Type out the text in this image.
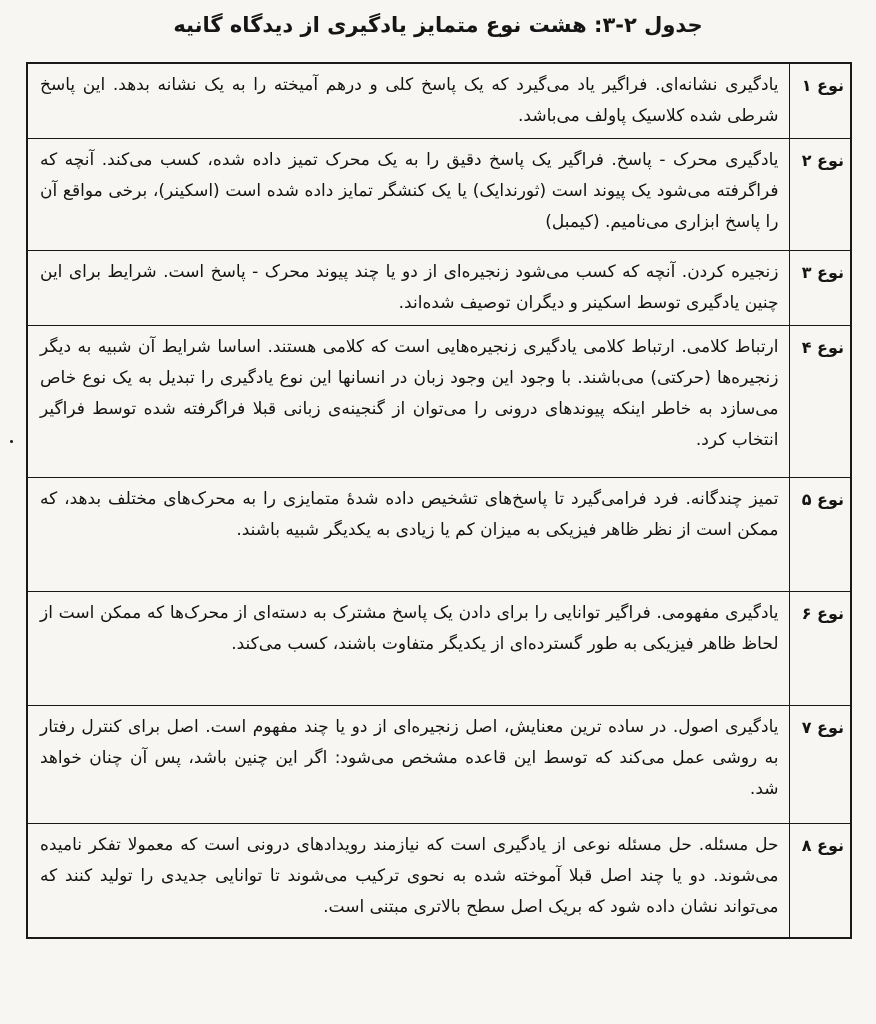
جدول ۲-۳: هشت نوع متمایز یادگیری از دیدگاه گانیه
نوع ۱	یادگیری نشانه‌ای. فراگیر یاد می‌گیرد که یک پاسخ کلی و درهم آمیخته را به یک نشانه بدهد. این پاسخ شرطی شده کلاسیک پاولف می‌باشد.
نوع ۲	یادگیری محرک - پاسخ. فراگیر یک پاسخ دقیق را به یک محرک تمیز داده شده، کسب می‌کند. آنچه که فراگرفته می‌شود یک پیوند است (ثورندایک) یا یک کنشگر تمایز داده شده است (اسکینر)، برخی مواقع آن را پاسخ ابزاری می‌نامیم. (کیمبل)
نوع ۳	زنجیره کردن. آنچه که کسب می‌شود زنجیره‌ای از دو یا چند پیوند محرک - پاسخ است. شرایط برای این چنین یادگیری توسط اسکینر و دیگران توصیف شده‌اند.
نوع ۴	ارتباط کلامی. ارتباط کلامی یادگیری زنجیره‌هایی است که کلامی هستند. اساسا شرایط آن شبیه به دیگر زنجیره‌ها (حرکتی) می‌باشند. با وجود این وجود زبان در انسانها این نوع یادگیری را تبدیل به یک نوع خاص می‌سازد به خاطر اینکه پیوندهای درونی را می‌توان از گنجینه‌ی زبانی قبلا فراگرفته شده توسط فراگیر انتخاب کرد.
نوع ۵	تمیز چندگانه. فرد فرامی‌گیرد تا پاسخ‌های تشخیص داده شدهٔ متمایزی را به محرک‌های مختلف بدهد، که ممکن است از نظر ظاهر فیزیکی به میزان کم یا زیادی به یکدیگر شبیه باشند.
نوع ۶	یادگیری مفهومی. فراگیر توانایی را برای دادن یک پاسخ مشترک به دسته‌ای از محرک‌ها که ممکن است از لحاظ ظاهر فیزیکی به طور گسترده‌ای از یکدیگر متفاوت باشند، کسب می‌کند.
نوع ۷	یادگیری اصول. در ساده ترین معنایش، اصل زنجیره‌ای از دو یا چند مفهوم است. اصل برای کنترل رفتار به روشی عمل می‌کند که توسط این قاعده مشخص می‌شود: اگر این چنین باشد، پس آن چنان خواهد شد.
نوع ۸	حل مسئله. حل مسئله نوعی از یادگیری است که نیازمند رویدادهای درونی است که معمولا تفکر نامیده می‌شوند. دو یا چند اصل قبلا آموخته شده به نحوی ترکیب می‌شوند تا توانایی جدیدی را تولید کنند که می‌تواند نشان داده شود که بریک اصل سطح بالاتری مبتنی است.
